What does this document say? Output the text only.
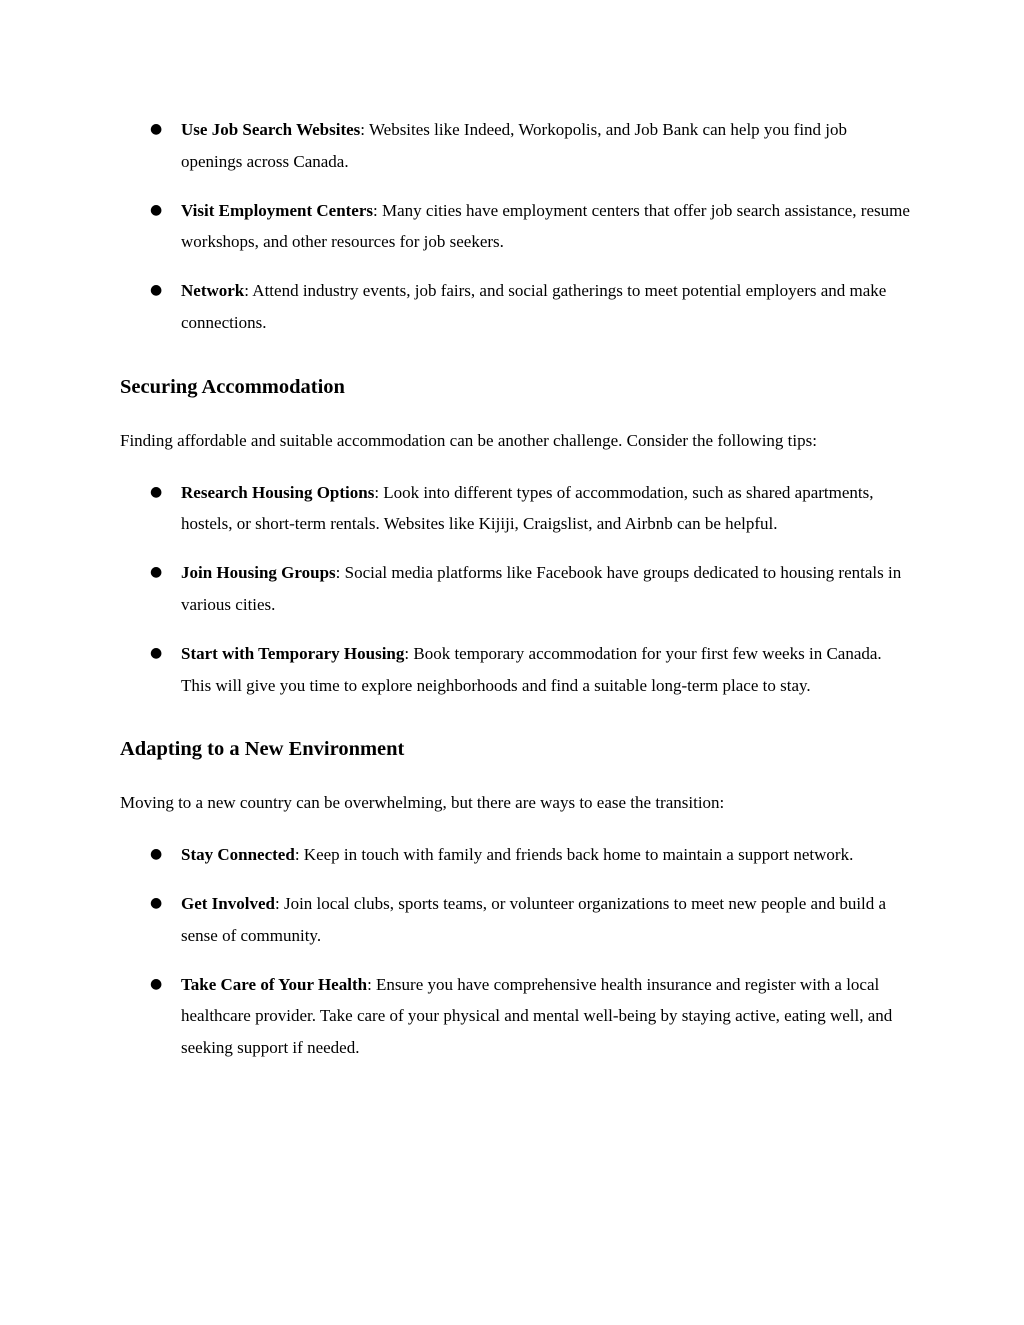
● Use Job Search Websites: Websites like Indeed, Workopolis, and Job Bank can help you find job openings across Canada.
● Visit Employment Centers: Many cities have employment centers that offer job search assistance, resume workshops, and other resources for job seekers.
● Network: Attend industry events, job fairs, and social gatherings to meet potential employers and make connections.
Securing Accommodation

Finding affordable and suitable accommodation can be another challenge. Consider the following tips:

● Research Housing Options: Look into different types of accommodation, such as shared apartments, hostels, or short-term rentals. Websites like Kijiji, Craigslist, and Airbnb can be helpful.
● Join Housing Groups: Social media platforms like Facebook have groups dedicated to housing rentals in various cities.
● Start with Temporary Housing: Book temporary accommodation for your first few weeks in Canada. This will give you time to explore neighborhoods and find a suitable long-term place to stay.
Adapting to a New Environment

Moving to a new country can be overwhelming, but there are ways to ease the transition:

● Stay Connected: Keep in touch with family and friends back home to maintain a support network.
● Get Involved: Join local clubs, sports teams, or volunteer organizations to meet new people and build a sense of community.
● Take Care of Your Health: Ensure you have comprehensive health insurance and register with a local healthcare provider. Take care of your physical and mental well-being by staying active, eating well, and seeking support if needed.
